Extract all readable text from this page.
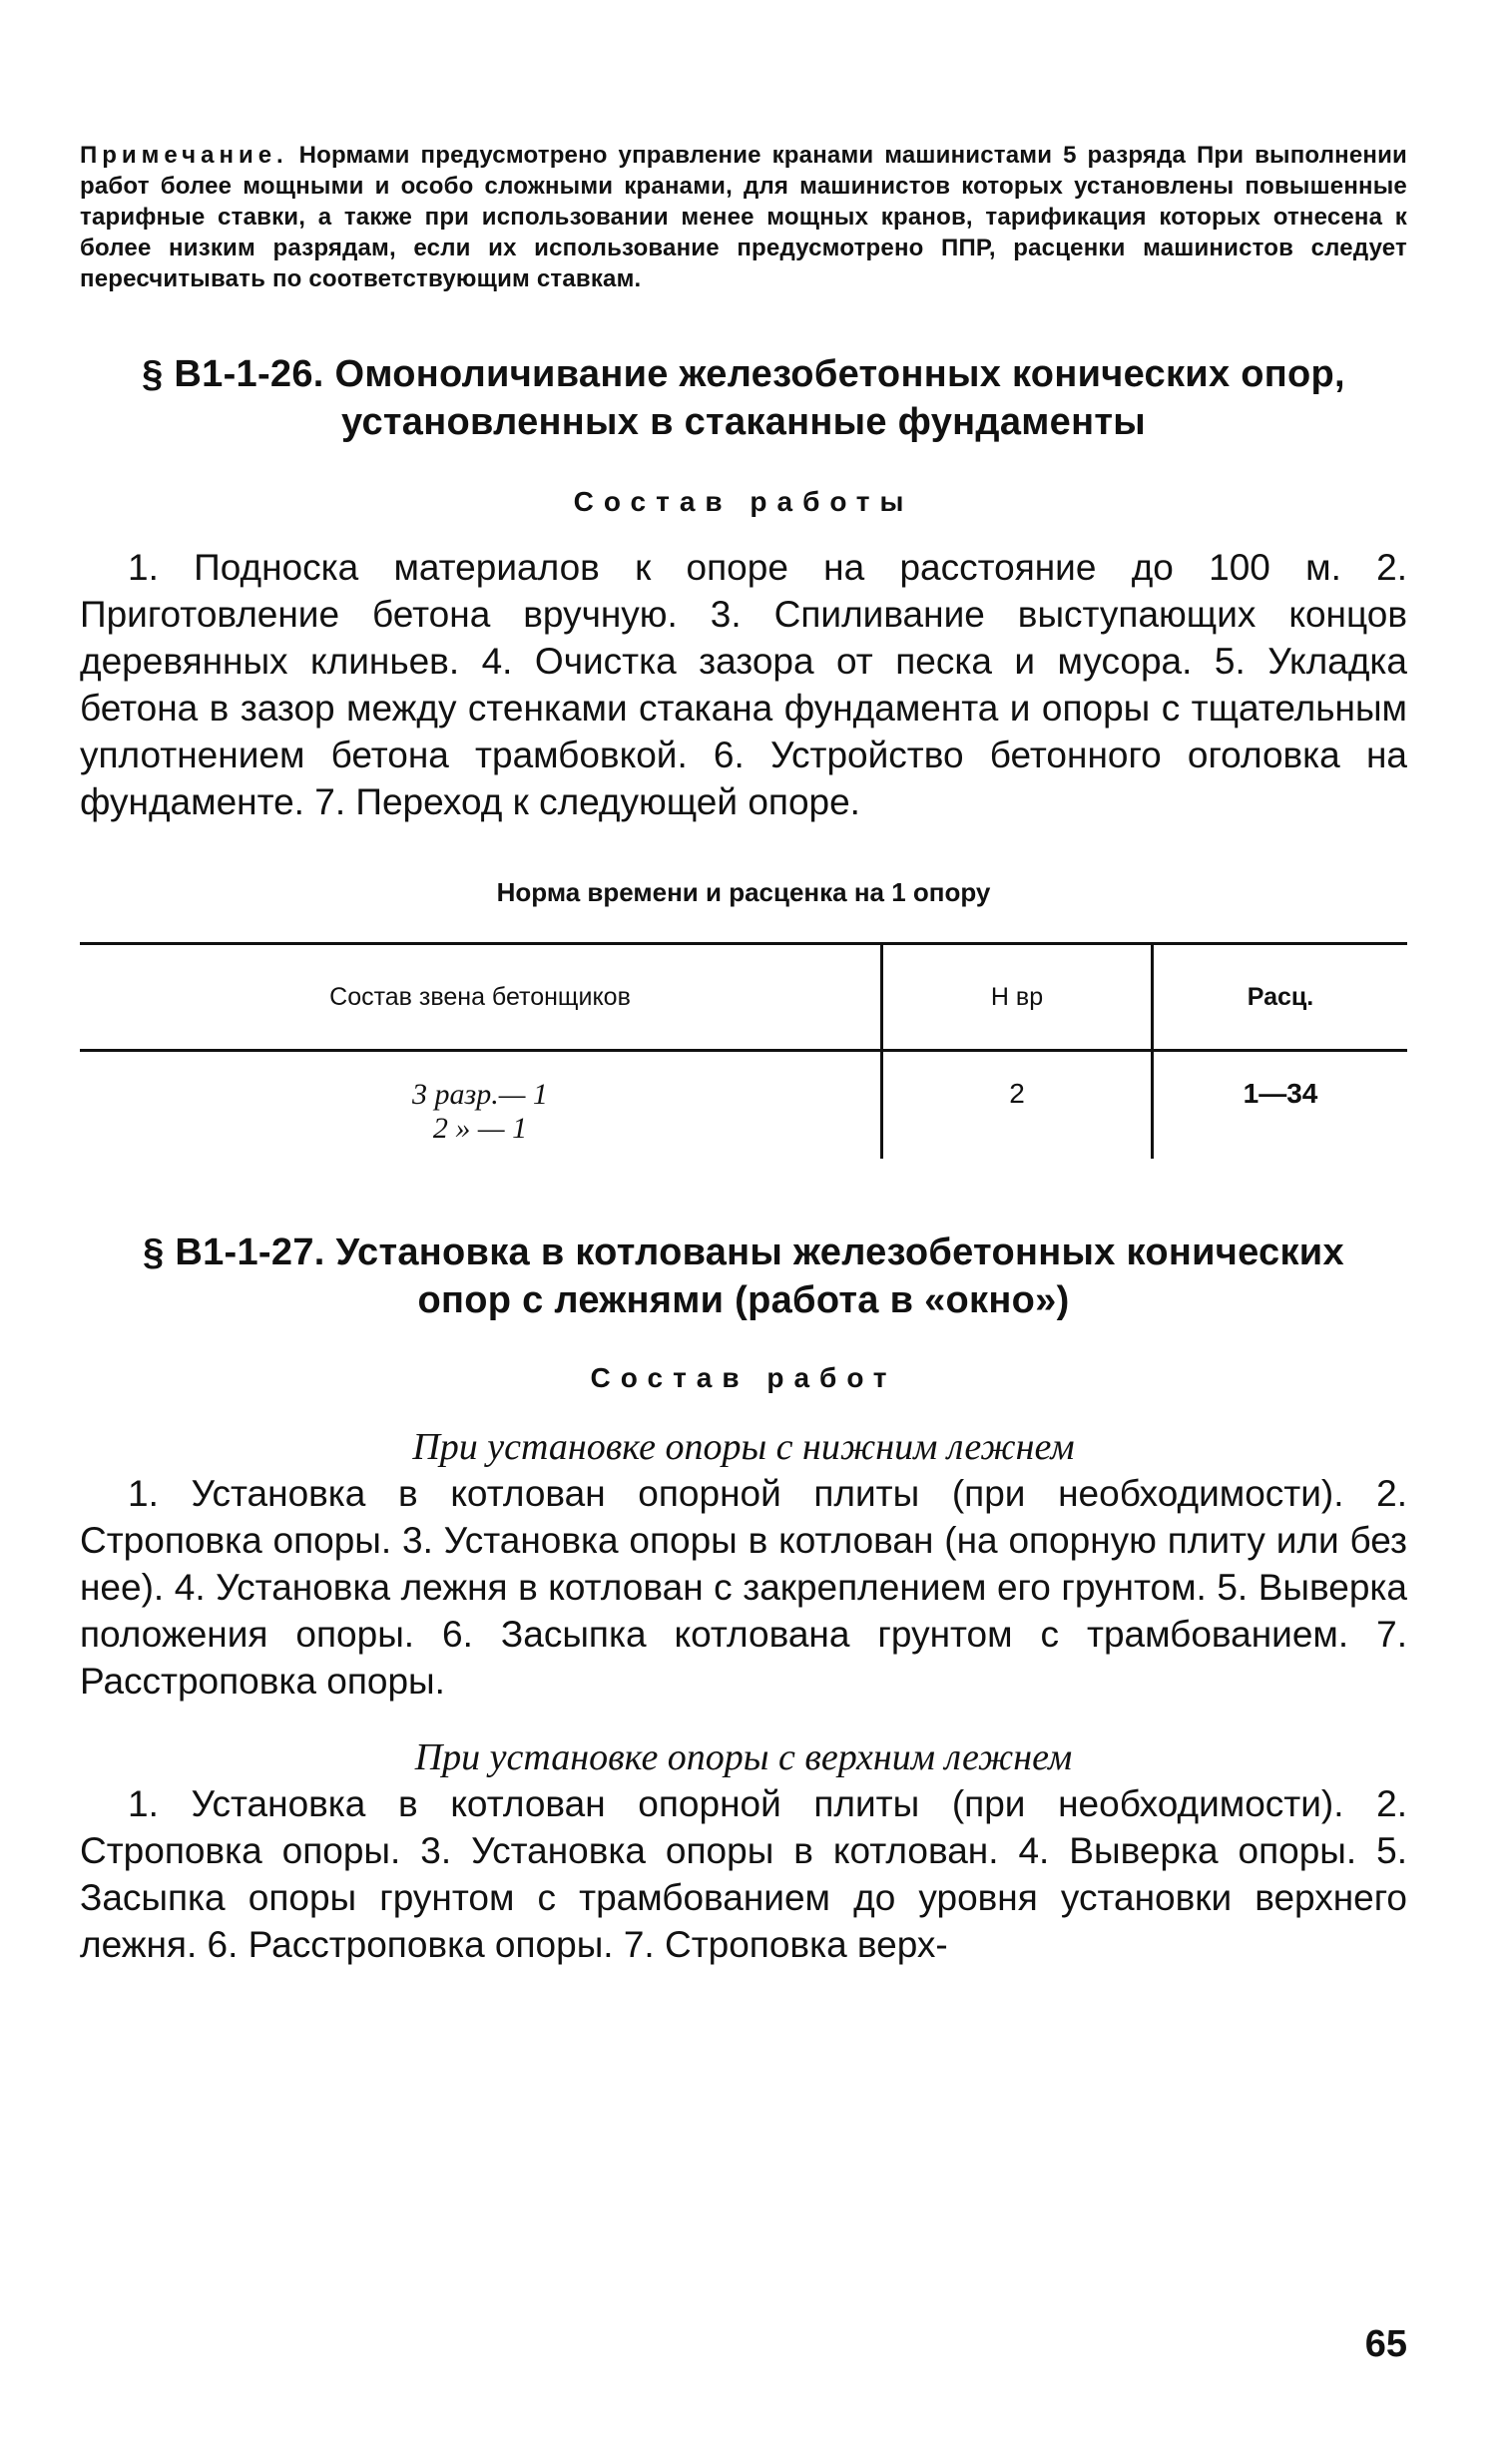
Примечание. Нормами предусмотрено управление кранами машинистами 5 разряда При выполнении работ более мощными и особо сложными кранами, для машинистов которых установлены повышенные тарифные ставки, а также при использовании менее мощных кранов, тарификация которых отнесена к более низким разрядам, если их использование предусмотрено ППР, расценки машинистов следует пересчитывать по соответствующим ставкам.

§ В1-1-26. Омоноличивание железобетонных конических опор, установленных в стаканные фундаменты
Состав работы

1. Подноска материалов к опоре на расстояние до 100 м. 2. Приготовление бетона вручную. 3. Спиливание выступающих концов деревянных клиньев. 4. Очистка зазора от песка и мусора. 5. Укладка бетона в зазор между стенками стакана фундамента и опоры с тщательным уплотнением бетона трамбовкой. 6. Устройство бетонного оголовка на фундаменте. 7. Переход к следующей опоре.

Норма времени и расценка на 1 опору
Состав звена бетонщиков	Н вр	Расц.

3 разр.— 1
2 » — 1	2	1—34
§ В1-1-27. Установка в котлованы железобетонных конических опор с лежнями (работа в «окно»)
Состав работ
При установке опоры с нижним лежнем

1. Установка в котлован опорной плиты (при необходимости). 2. Строповка опоры. 3. Установка опоры в котлован (на опорную плиту или без нее). 4. Установка лежня в котлован с закреплением его грунтом. 5. Выверка положения опоры. 6. Засыпка котлована грунтом с трамбованием. 7. Расстроповка опоры.

При установке опоры с верхним лежнем

1. Установка в котлован опорной плиты (при необходимости). 2. Строповка опоры. 3. Установка опоры в котлован. 4. Выверка опоры. 5. Засыпка опоры грунтом с трамбованием до уровня установки верхнего лежня. 6. Расстроповка опоры. 7. Строповка верх-

65
